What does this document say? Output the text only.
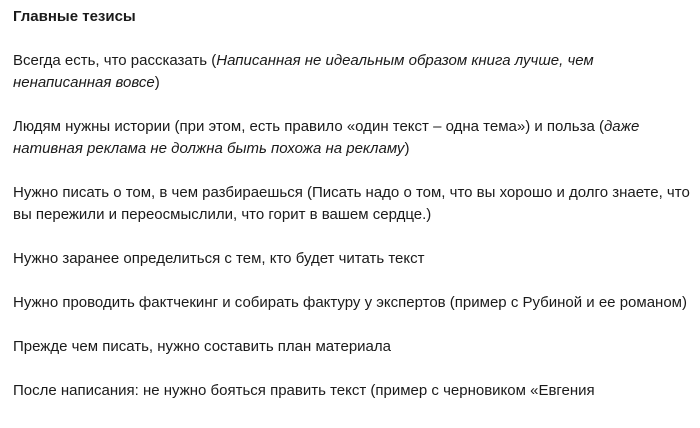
Главные тезисы
Всегда есть, что рассказать (Написанная не идеальным образом книга лучше, чем ненаписанная вовсе)
Людям нужны истории (при этом, есть правило «один текст – одна тема») и польза (даже нативная реклама не должна быть похожа на рекламу)
Нужно писать о том, в чем разбираешься (Писать надо о том, что вы хорошо и долго знаете, что вы пережили и переосмыслили, что горит в вашем сердце.)
Нужно заранее определиться с тем, кто будет читать текст
Нужно проводить фактчекинг и собирать фактуру у экспертов (пример с Рубиной и ее романом)
Прежде чем писать, нужно составить план материала
После написания: не нужно бояться править текст (пример с черновиком «Евгения
